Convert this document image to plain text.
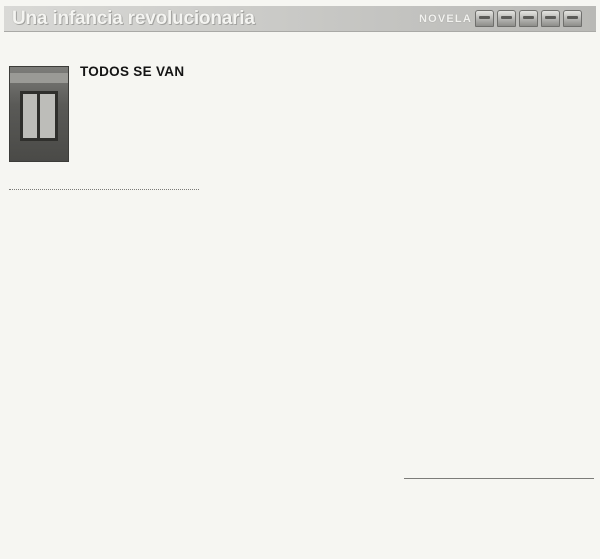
Una infancia revolucionaria	NOVELA
TODOS SE VAN
